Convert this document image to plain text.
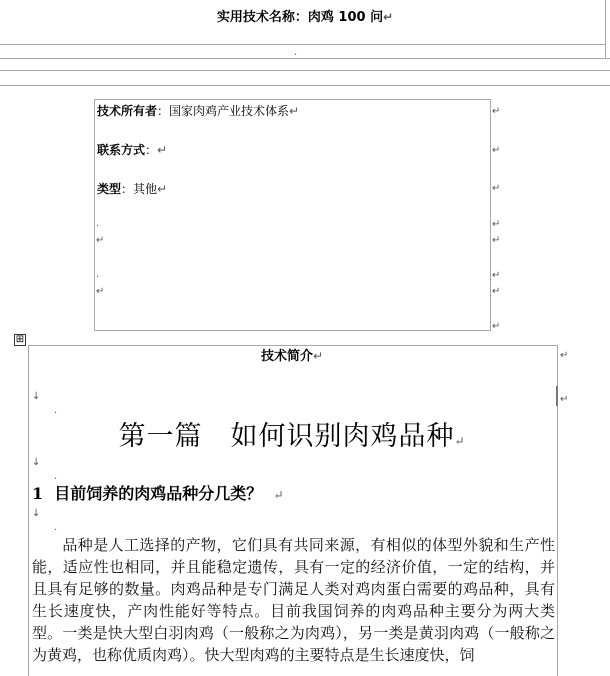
实用技术名称：肉鸡 100 问↵
.
技术所有者：国家肉鸡产业技术体系↵
联系方式：↵
类型：其他↵
.
↵
.
↵
↵
↵
↵
↵
↵
↵
↵
↵
⊞
技术简介↵	↵
↵
↓
.
第一篇　如何识别肉鸡品种↵
↓
.
1 目前饲养的肉鸡品种分几类？ ↵
↓
.
品种是人工选择的产物，它们具有共同来源，有相似的体型外貌和生产性能，适应性也相同，并且能稳定遗传，具有一定的经济价值，一定的结构，并且具有足够的数量。肉鸡品种是专门满足人类对鸡肉蛋白需要的鸡品种，具有生长速度快，产肉性能好等特点。目前我国饲养的肉鸡品种主要分为两大类型。一类是快大型白羽肉鸡（一般称之为肉鸡），另一类是黄羽肉鸡（一般称之为黄鸡，也称优质肉鸡）。快大型肉鸡的主要特点是生长速度快，饲
